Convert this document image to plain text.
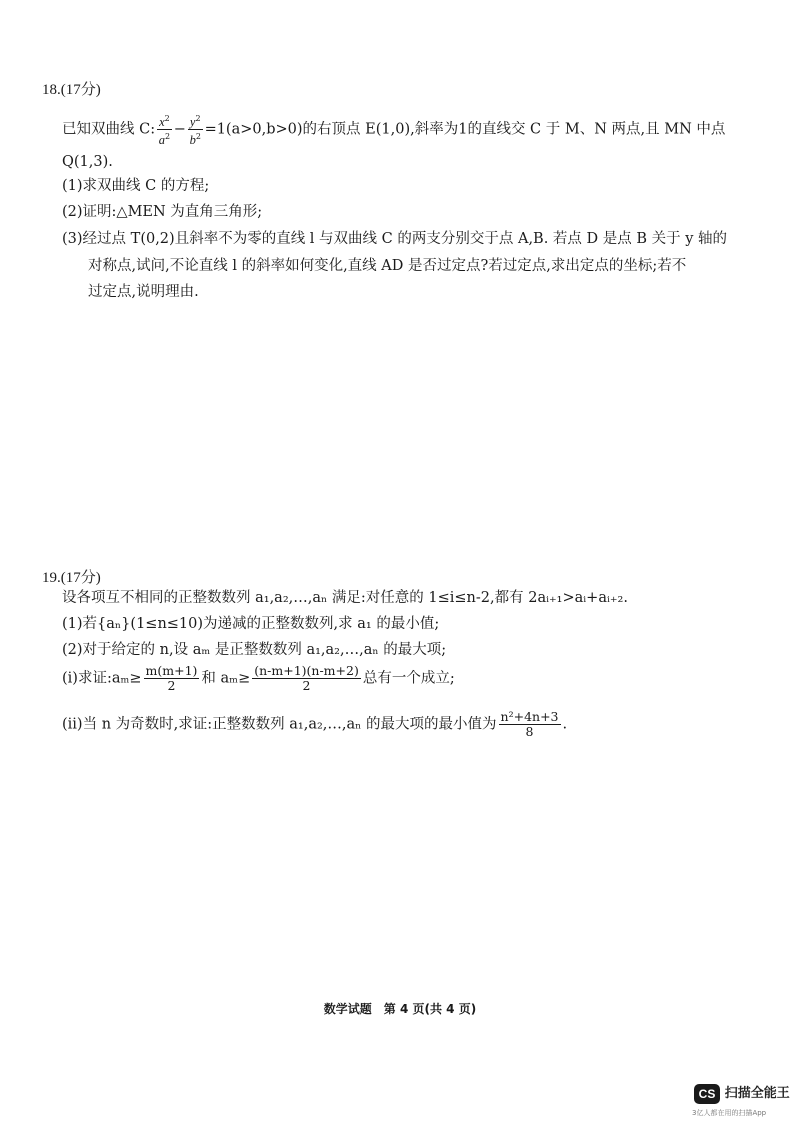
18.(17分)
已知双曲线 C: $\frac{x^2}{a^2} - \frac{y^2}{b^2} =1(a>0,b>0)$的右顶点 E(1,0),斜率为1的直线交 C 于 M、N 两点,且 MN 中点
Q(1,3).
(1)求双曲线 C 的方程;
(2)证明:△MEN 为直角三角形;
(3)经过点 T(0,2)且斜率不为零的直线 l 与双曲线 C 的两支分别交于点 A,B. 若点 D 是点 B 关于 y 轴的
对称点,试问,不论直线 l 的斜率如何变化,直线 AD 是否过定点?若过定点,求出定点的坐标;若不
过定点,说明理由.
19.(17分)
设各项互不相同的正整数数列 a₁,a₂,…,aₙ 满足:对任意的 1≤i≤n-2,都有 2aᵢ₊₁>aᵢ+aᵢ₊₂.
(1)若{aₙ}(1≤n≤10)为递减的正整数数列,求 a₁ 的最小值;
(2)对于给定的 n,设 aₘ 是正整数数列 a₁,a₂,…,aₙ 的最大项;
(ⅰ)求证:aₘ≥ $\frac{m(m+1)}{2}$ 和 $a_m\ge \frac{(n-m+1)(n-m+2)}{2}$ 总有一个成立;
(ⅱ)当 n 为奇数时,求证:正整数数列 a₁,a₂,…,aₙ 的最大项的最小值为 $\frac{\text{n²+4n+3}}{8}$ .
数学试题　第 4 页(共 4 页)
CS 扫描全能王
3亿人都在用的扫描App
